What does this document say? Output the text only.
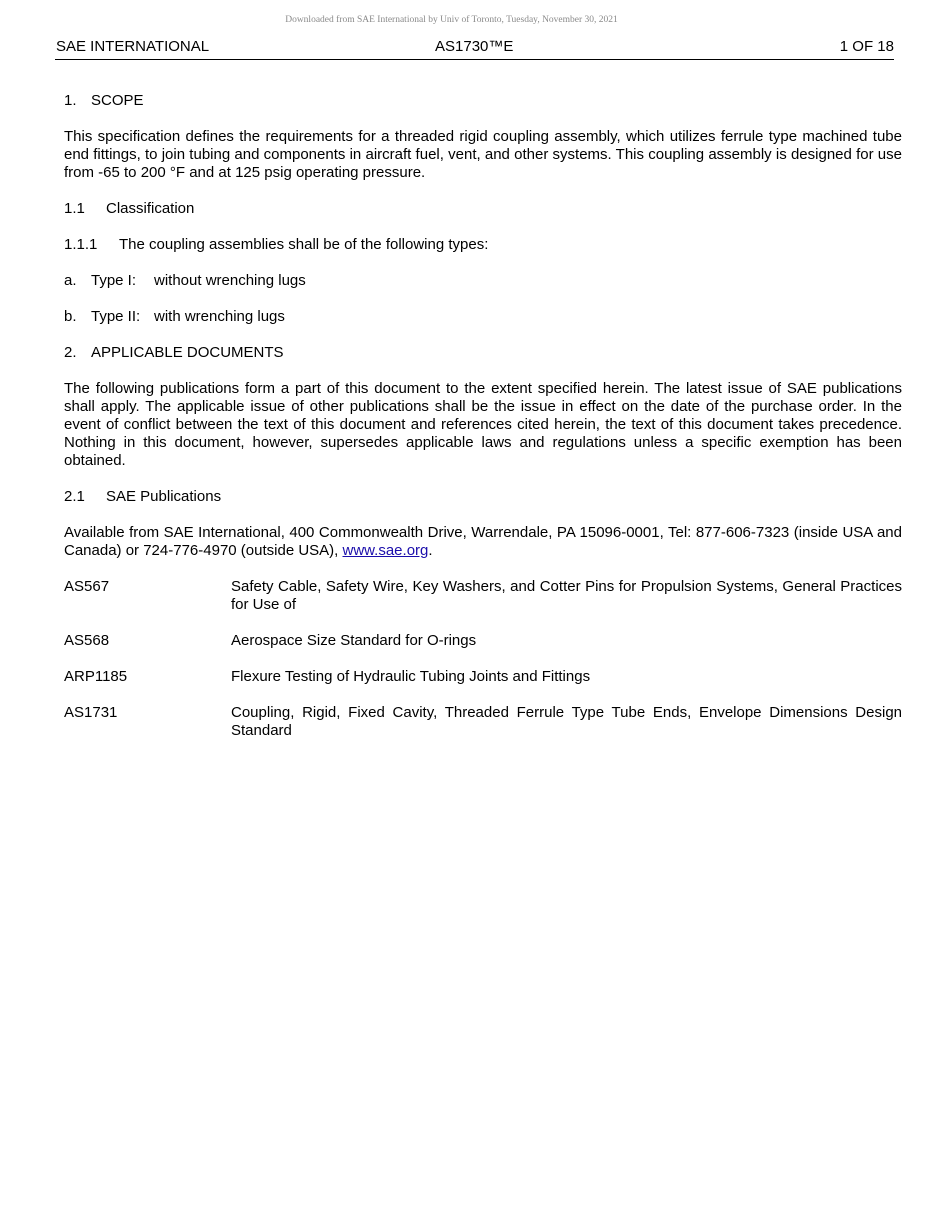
Downloaded from SAE International by Univ of Toronto, Tuesday, November 30, 2021
SAE INTERNATIONAL	AS1730™E	1 OF 18

1. SCOPE

This specification defines the requirements for a threaded rigid coupling assembly, which utilizes ferrule type machined tube end fittings, to join tubing and components in aircraft fuel, vent, and other systems. This coupling assembly is designed for use from -65 to 200 °F and at 125 psig operating pressure.

1.1 Classification

1.1.1 The coupling assemblies shall be of the following types:

a. Type I: without wrenching lugs

b. Type II: with wrenching lugs

2. APPLICABLE DOCUMENTS

The following publications form a part of this document to the extent specified herein. The latest issue of SAE publications shall apply. The applicable issue of other publications shall be the issue in effect on the date of the purchase order. In the event of conflict between the text of this document and references cited herein, the text of this document takes precedence. Nothing in this document, however, supersedes applicable laws and regulations unless a specific exemption has been obtained.

2.1 SAE Publications

Available from SAE International, 400 Commonwealth Drive, Warrendale, PA 15096-0001, Tel: 877-606-7323 (inside USA and Canada) or 724-776-4970 (outside USA), www.sae.org.

AS567	Safety Cable, Safety Wire, Key Washers, and Cotter Pins for Propulsion Systems, General Practices for Use of
AS568	Aerospace Size Standard for O-rings
ARP1185	Flexure Testing of Hydraulic Tubing Joints and Fittings
AS1731	Coupling, Rigid, Fixed Cavity, Threaded Ferrule Type Tube Ends, Envelope Dimensions Design Standard
